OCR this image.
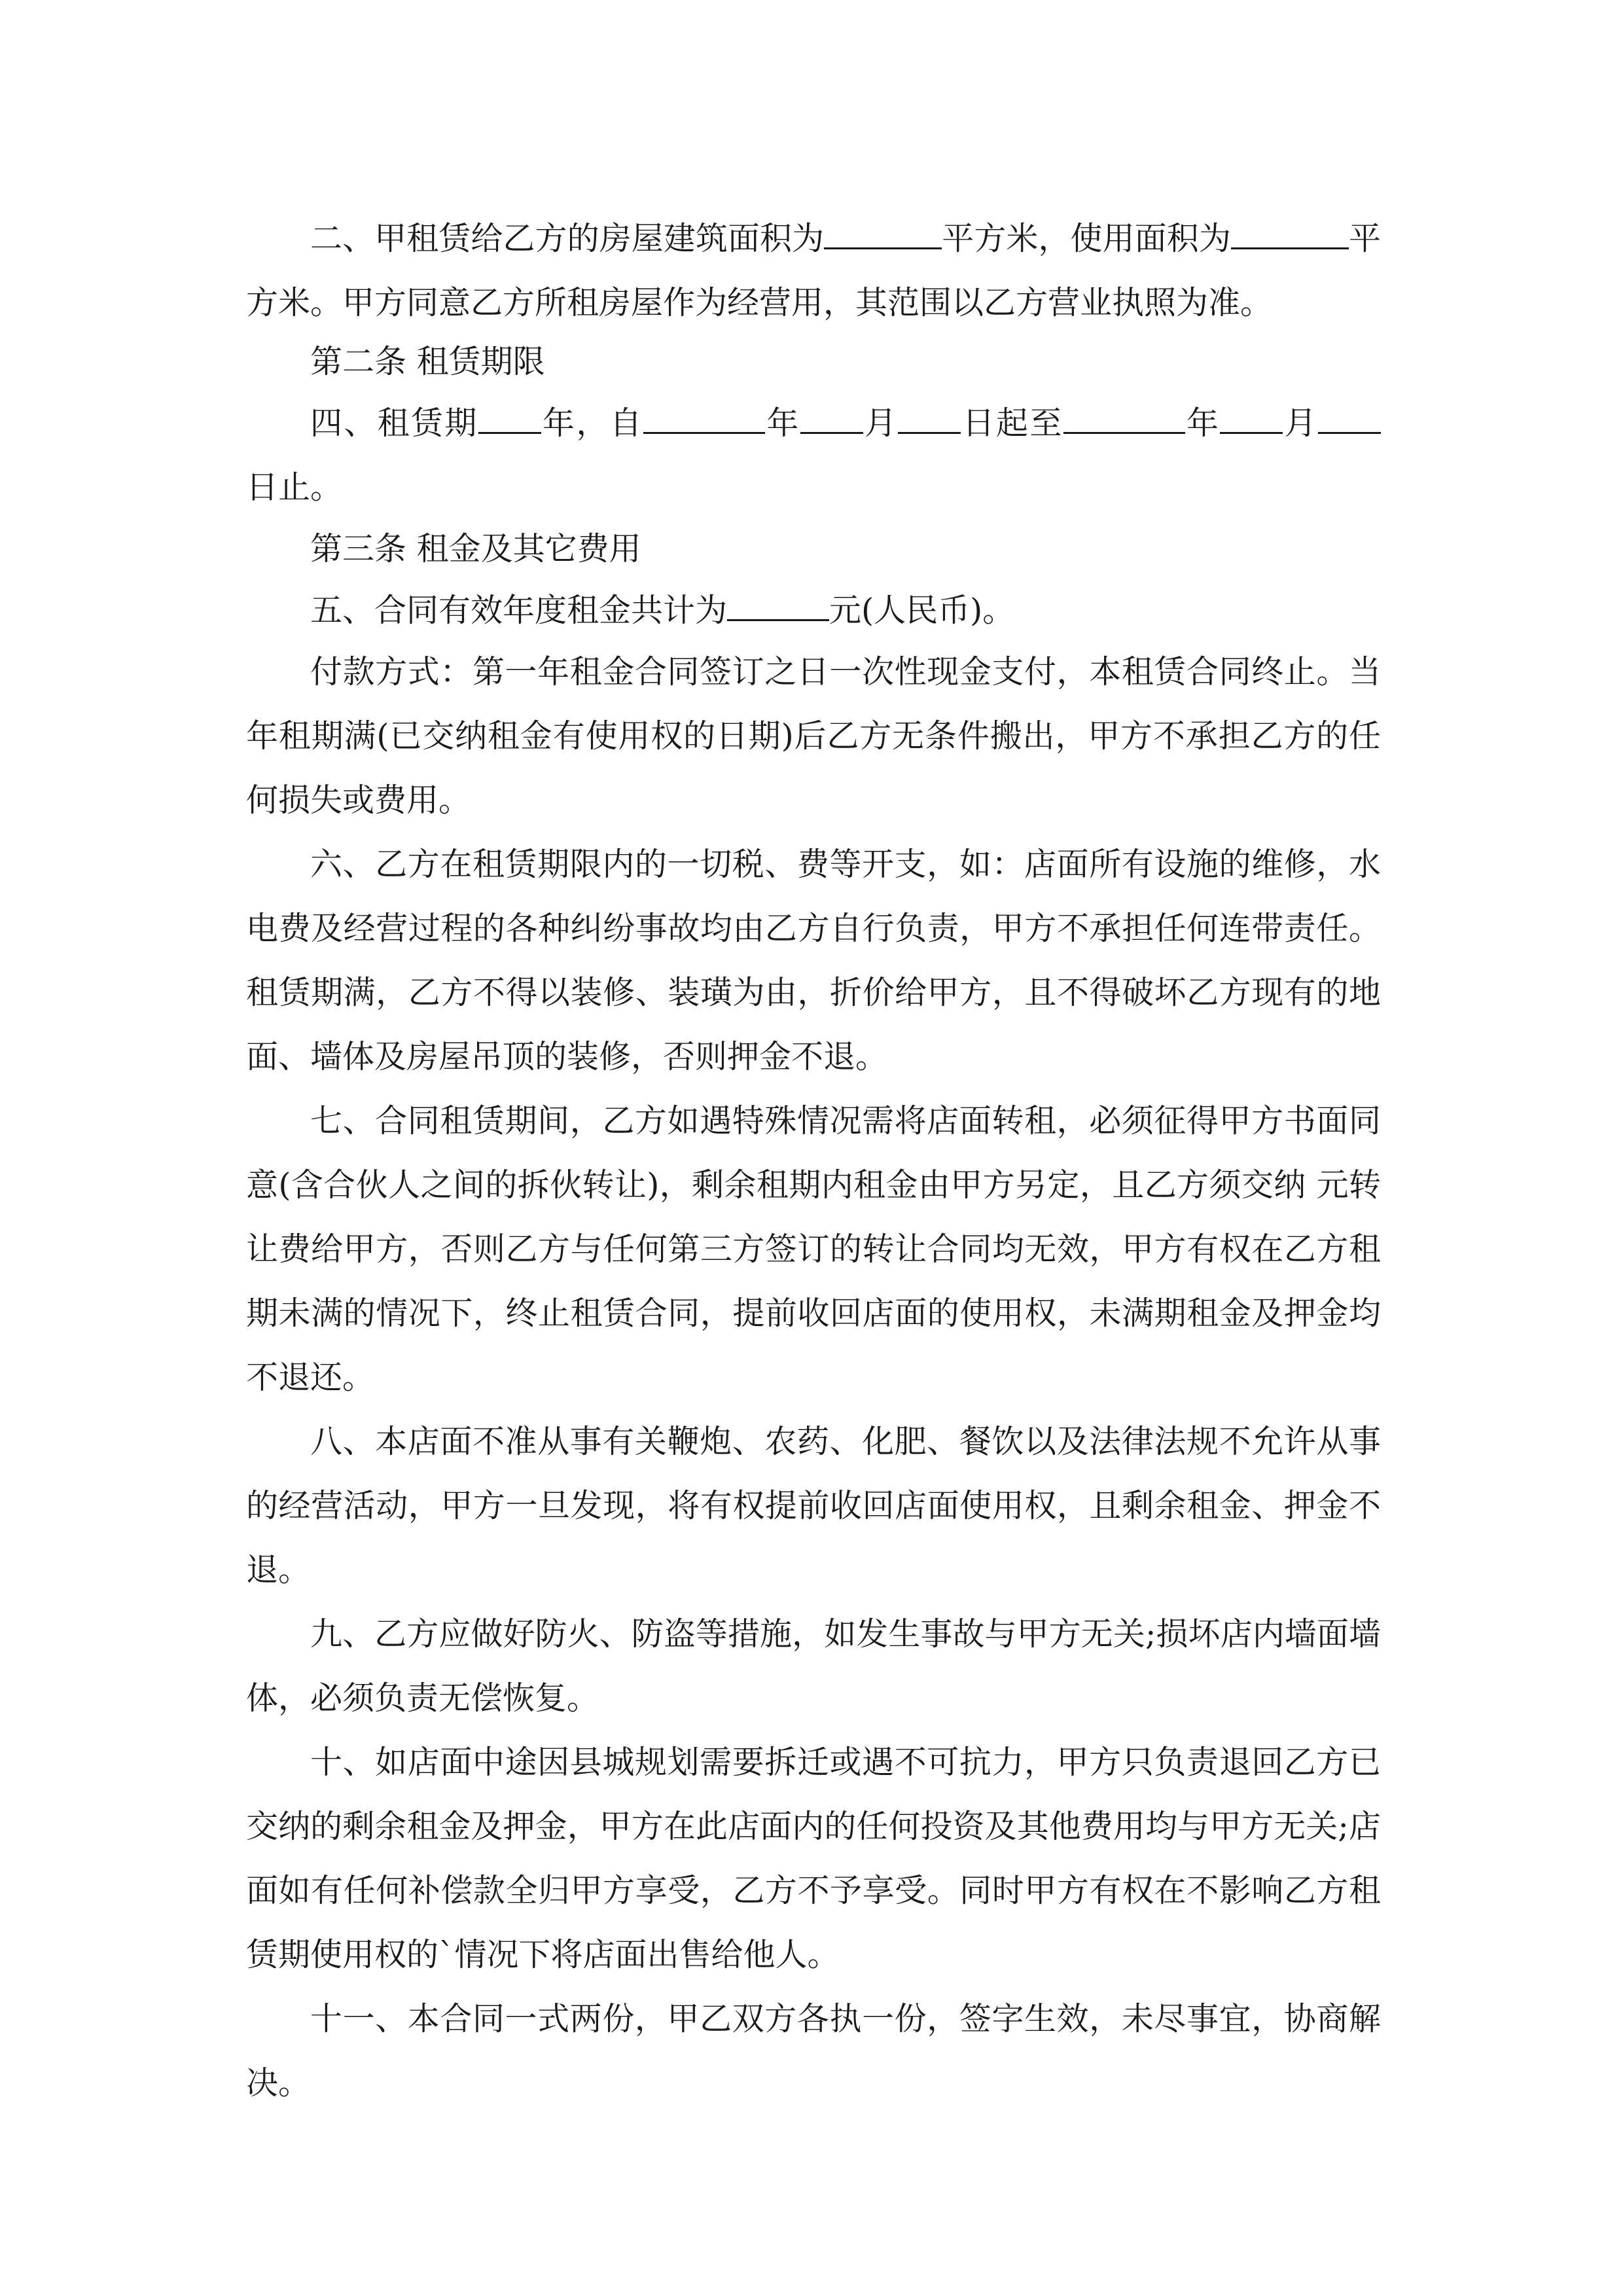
二、甲租赁给乙方的房屋建筑面积为	平方米，使用面积为	平方米。甲方同意乙方所租房屋作为经营用，其范围以乙方营业执照为准。

第二条 租赁期限

四、租赁期 年，自	年 月 日起至	年 月日止。

第三条 租金及其它费用

五、合同有效年度租金共计为	元(人民币)。

付款方式：第一年租金合同签订之日一次性现金支付，本租赁合同终止。当年租期满(已交纳租金有使用权的日期)后乙方无条件搬出，甲方不承担乙方的任何损失或费用。

六、乙方在租赁期限内的一切税、费等开支，如：店面所有设施的维修，水电费及经营过程的各种纠纷事故均由乙方自行负责，甲方不承担任何连带责任。租赁期满，乙方不得以装修、装璜为由，折价给甲方，且不得破坏乙方现有的地面、墙体及房屋吊顶的装修，否则押金不退。

七、合同租赁期间，乙方如遇特殊情况需将店面转租，必须征得甲方书面同意(含合伙人之间的拆伙转让)，剩余租期内租金由甲方另定，且乙方须交纳 元转让费给甲方，否则乙方与任何第三方签订的转让合同均无效，甲方有权在乙方租期未满的情况下，终止租赁合同，提前收回店面的使用权，未满期租金及押金均不退还。

八、本店面不准从事有关鞭炮、农药、化肥、餐饮以及法律法规不允许从事的经营活动，甲方一旦发现，将有权提前收回店面使用权，且剩余租金、押金不退。

九、乙方应做好防火、防盗等措施，如发生事故与甲方无关;损坏店内墙面墙体，必须负责无偿恢复。

十、如店面中途因县城规划需要拆迁或遇不可抗力，甲方只负责退回乙方已交纳的剩余租金及押金，甲方在此店面内的任何投资及其他费用均与甲方无关;店面如有任何补偿款全归甲方享受，乙方不予享受。同时甲方有权在不影响乙方租赁期使用权的`情况下将店面出售给他人。

十一、本合同一式两份，甲乙双方各执一份，签字生效，未尽事宜，协商解决。
